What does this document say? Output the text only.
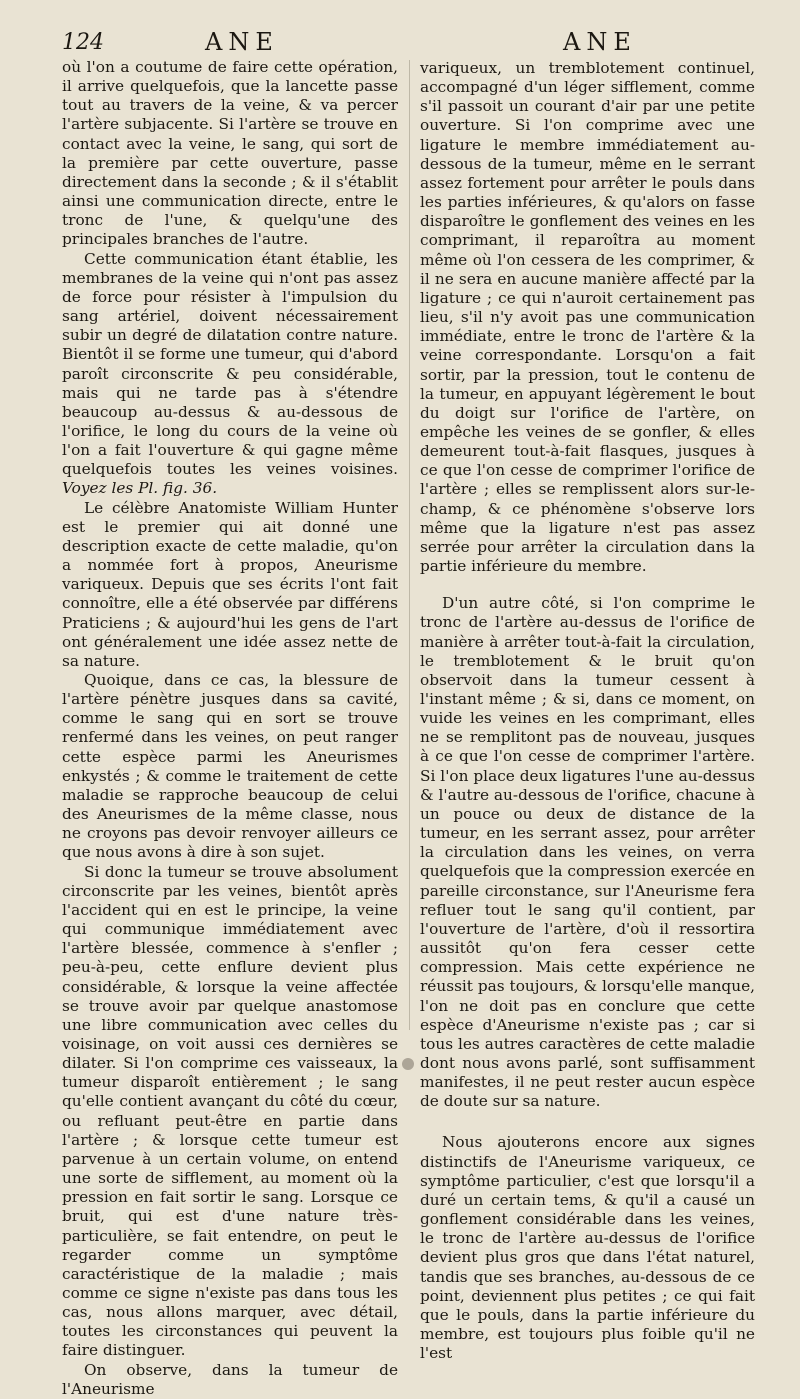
124	ANE	ANE

où l'on a coutume de faire cette opération, il arrive quelquefois, que la lancette passe tout au travers de la veine, & va percer l'artère subjacente. Si l'artère se trouve en contact avec la veine, le sang, qui sort de la première par cette ouverture, passe directement dans la seconde ; & il s'établit ainsi une communication directe, entre le tronc de l'une, & quelqu'une des principales branches de l'autre.

Cette communication étant établie, les membranes de la veine qui n'ont pas assez de force pour résister à l'impulsion du sang artériel, doivent nécessairement subir un degré de dilatation contre nature. Bientôt il se forme une tumeur, qui d'abord paroît circonscrite & peu considérable, mais qui ne tarde pas à s'étendre beaucoup au-dessus & au-dessous de l'orifice, le long du cours de la veine où l'on a fait l'ouverture & qui gagne même quelquefois toutes les veines voisines. Voyez les Pl. fig. 36.

Le célèbre Anatomiste William Hunter est le premier qui ait donné une description exacte de cette maladie, qu'on a nommée fort à propos, Aneurisme variqueux. Depuis que ses écrits l'ont fait connoître, elle a été observée par différens Praticiens ; & aujourd'hui les gens de l'art ont généralement une idée assez nette de sa nature.

Quoique, dans ce cas, la blessure de l'artère pénètre jusques dans sa cavité, comme le sang qui en sort se trouve renfermé dans les veines, on peut ranger cette espèce parmi les Aneurismes enkystés ; & comme le traitement de cette maladie se rapproche beaucoup de celui des Aneurismes de la même classe, nous ne croyons pas devoir renvoyer ailleurs ce que nous avons à dire à son sujet.

Si donc la tumeur se trouve absolument circonscrite par les veines, bientôt après l'accident qui en est le principe, la veine qui communique immédiatement avec l'artère blessée, commence à s'enfler ; peu-à-peu, cette enflure devient plus considérable, & lorsque la veine affectée se trouve avoir par quelque anastomose une libre communication avec celles du voisinage, on voit aussi ces dernières se dilater. Si l'on comprime ces vaisseaux, la tumeur disparoît entièrement ; le sang qu'elle contient avançant du côté du cœur, ou refluant peut-être en partie dans l'artère ; & lorsque cette tumeur est parvenue à un certain volume, on entend une sorte de sifflement, au moment où la pression en fait sortir le sang. Lorsque ce bruit, qui est d'une nature très-particulière, se fait entendre, on peut le regarder comme un symptôme caractéristique de la maladie ; mais comme ce signe n'existe pas dans tous les cas, nous allons marquer, avec détail, toutes les circonstances qui peuvent la faire distinguer.

On observe, dans la tumeur de l'Aneurisme

variqueux, un tremblotement continuel, accompagné d'un léger sifflement, comme s'il passoit un courant d'air par une petite ouverture. Si l'on comprime avec une ligature le membre immédiatement au-dessous de la tumeur, même en le serrant assez fortement pour arrêter le pouls dans les parties inférieures, & qu'alors on fasse disparoître le gonflement des veines en les comprimant, il reparoîtra au moment même où l'on cessera de les comprimer, & il ne sera en aucune manière affecté par la ligature ; ce qui n'auroit certainement pas lieu, s'il n'y avoit pas une communication immédiate, entre le tronc de l'artère & la veine correspondante. Lorsqu'on a fait sortir, par la pression, tout le contenu de la tumeur, en appuyant légèrement le bout du doigt sur l'orifice de l'artère, on empêche les veines de se gonfler, & elles demeurent tout-à-fait flasques, jusques à ce que l'on cesse de comprimer l'orifice de l'artère ; elles se remplissent alors sur-le-champ, & ce phénomène s'observe lors même que la ligature n'est pas assez serrée pour arrêter la circulation dans la partie inférieure du membre.

D'un autre côté, si l'on comprime le tronc de l'artère au-dessus de l'orifice de manière à arrêter tout-à-fait la circulation, le tremblotement & le bruit qu'on observoit dans la tumeur cessent à l'instant même ; & si, dans ce moment, on vuide les veines en les comprimant, elles ne se remplitont pas de nouveau, jusques à ce que l'on cesse de comprimer l'artère. Si l'on place deux ligatures l'une au-dessus & l'autre au-dessous de l'orifice, chacune à un pouce ou deux de distance de la tumeur, en les serrant assez, pour arrêter la circulation dans les veines, on verra quelquefois que la compression exercée en pareille circonstance, sur l'Aneurisme fera refluer tout le sang qu'il contient, par l'ouverture de l'artère, d'où il ressortira aussitôt qu'on fera cesser cette compression. Mais cette expérience ne réussit pas toujours, & lorsqu'elle manque, l'on ne doit pas en conclure que cette espèce d'Aneurisme n'existe pas ; car si tous les autres caractères de cette maladie dont nous avons parlé, sont suffisamment manifestes, il ne peut rester aucun espèce de doute sur sa nature.

Nous ajouterons encore aux signes distinctifs de l'Aneurisme variqueux, ce symptôme particulier, c'est que lorsqu'il a duré un certain tems, & qu'il a causé un gonflement considérable dans les veines, le tronc de l'artère au-dessus de l'orifice devient plus gros que dans l'état naturel, tandis que ses branches, au-dessous de ce point, deviennent plus petites ; ce qui fait que le pouls, dans la partie inférieure du membre, est toujours plus foible qu'il ne l'est
